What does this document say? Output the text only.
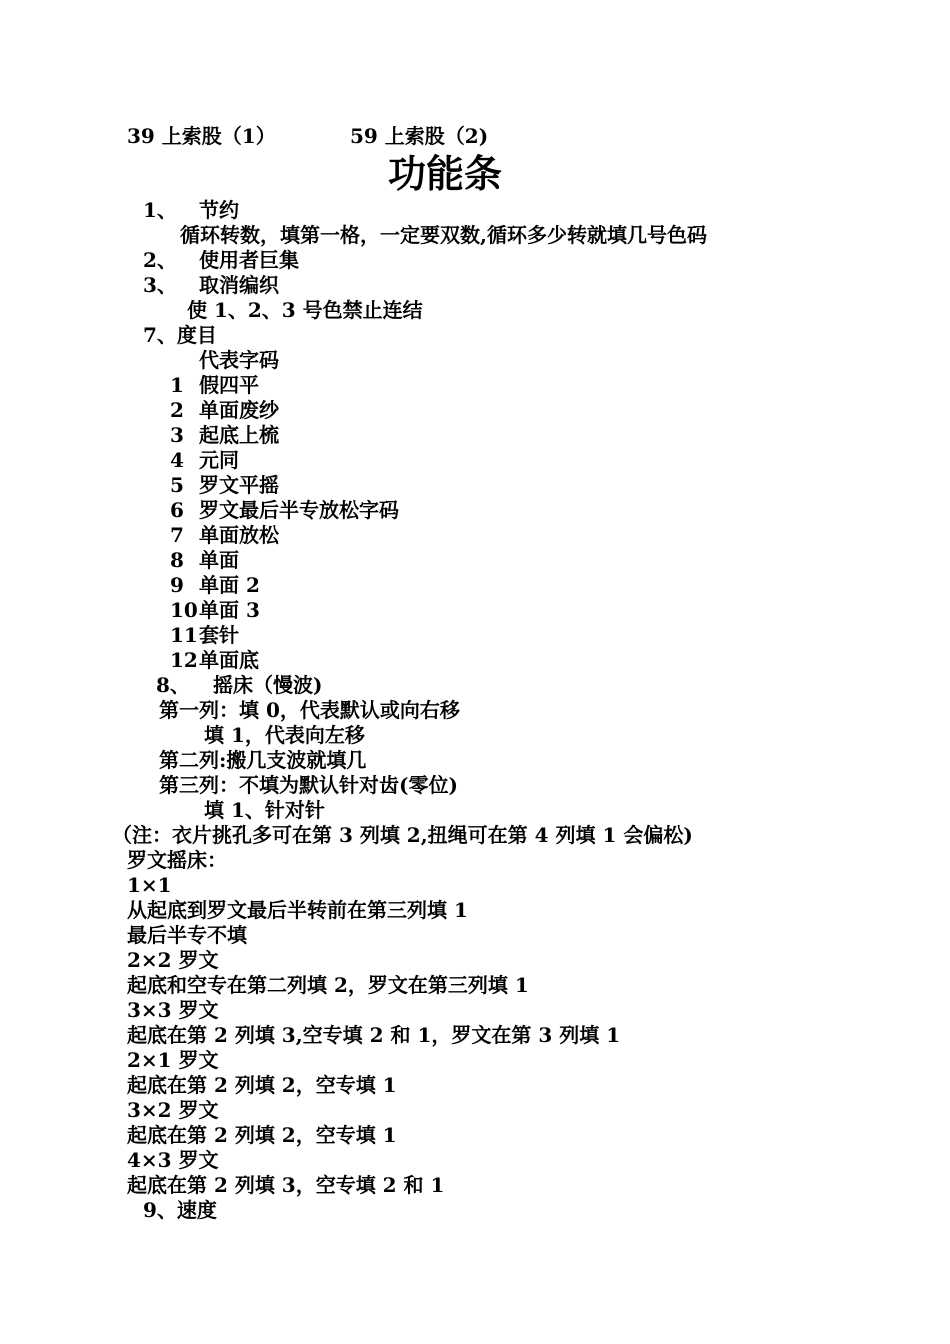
39 上索股（1）	59 上索股（2)
功能条
1、 节约
循环转数，填第一格，一定要双数,循环多少转就填几号色码
2、 使用者巨集
3、 取消编织
使 1、2、3 号色禁止连结
7、度目
代表字码
1 假四平
2 单面废纱
3 起底上梳
4 元同
5 罗文平摇
6 罗文最后半专放松字码
7 单面放松
8 单面
9 单面 2
10 单面 3
11 套针
12 单面底
8、 摇床（慢波)
第一列：填 0，代表默认或向右移
填 1，代表向左移
第二列:搬几支波就填几
第三列：不填为默认针对齿(零位)
填 1、针对针
（注：衣片挑孔多可在第 3 列填 2,扭绳可在第 4 列填 1 会偏松)
罗文摇床：
1×1
从起底到罗文最后半转前在第三列填 1
最后半专不填
2×2 罗文
起底和空专在第二列填 2，罗文在第三列填 1
3×3 罗文
起底在第 2 列填 3,空专填 2 和 1，罗文在第 3 列填 1
2×1 罗文
起底在第 2 列填 2，空专填 1
3×2 罗文
起底在第 2 列填 2，空专填 1
4×3 罗文
起底在第 2 列填 3，空专填 2 和 1
9、速度
